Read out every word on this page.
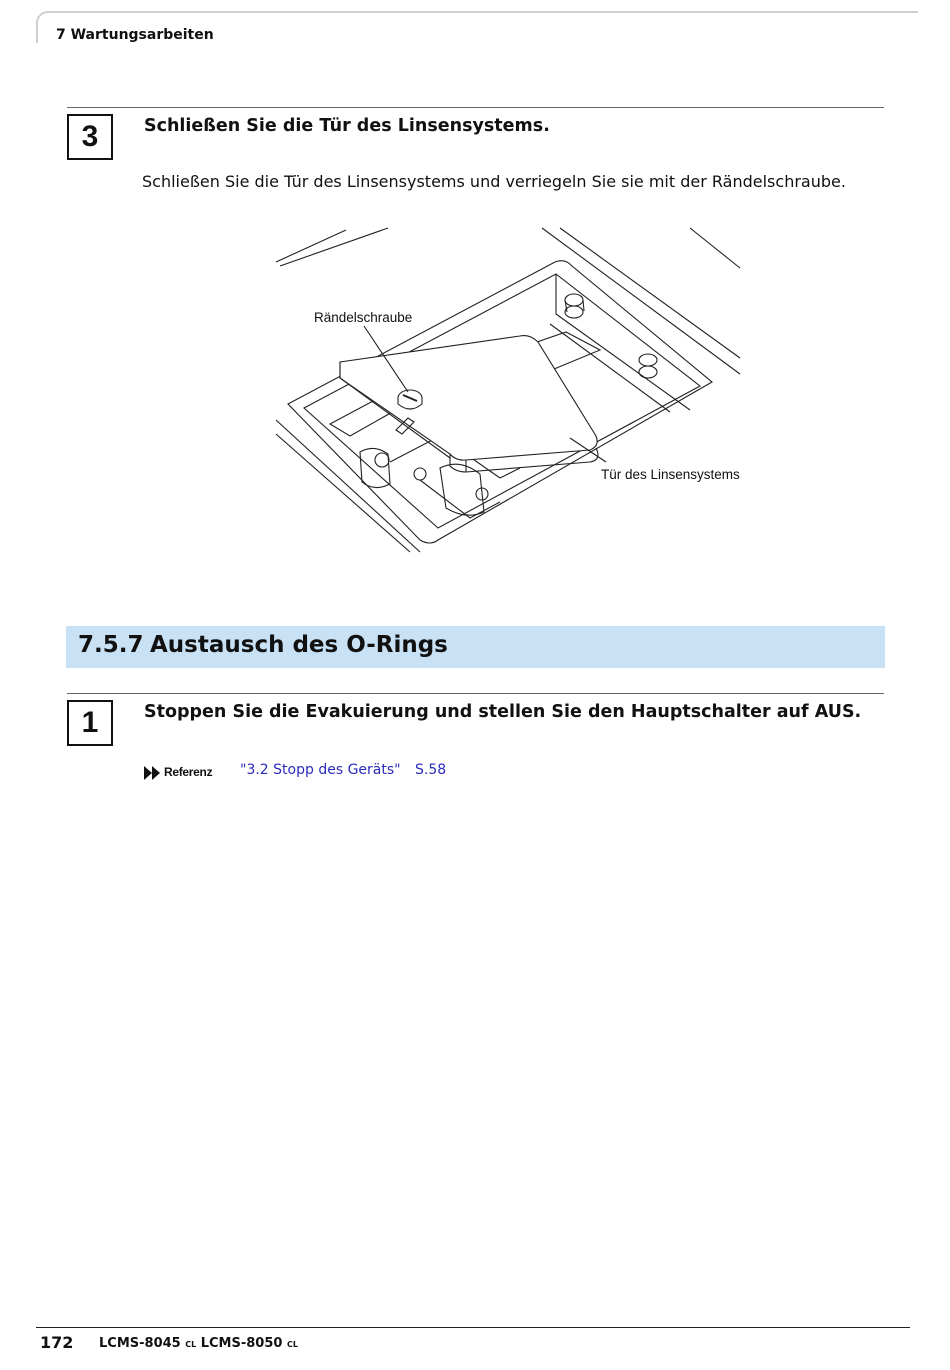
7 Wartungsarbeiten
3	Schließen Sie die Tür des Linsensystems.
Schließen Sie die Tür des Linsensystems und verriegeln Sie sie mit der Rändelschraube.
Rändelschraube
Tür des Linsensystems
7.5.7 Austausch des O-Rings
1	Stoppen Sie die Evakuierung und stellen Sie den Hauptschalter auf AUS.
Referenz "3.2 Stopp des Geräts" S.58
172 LCMS-8045 CL LCMS-8050 CL
